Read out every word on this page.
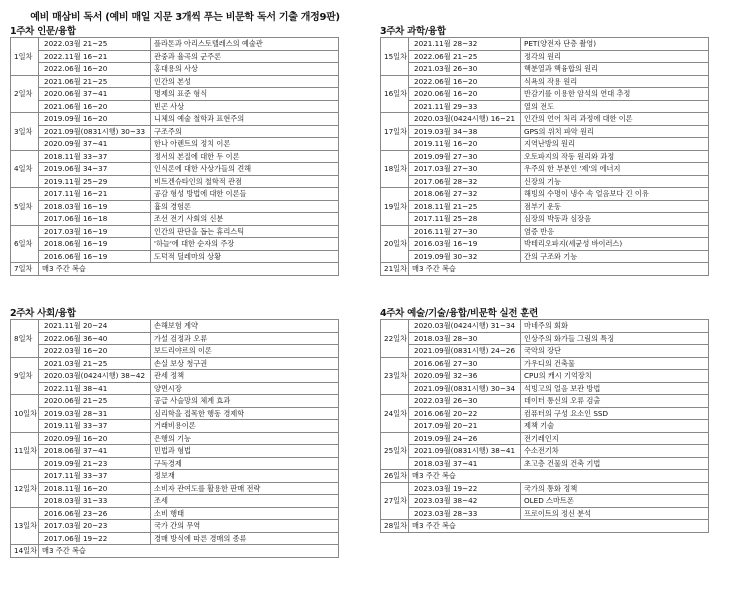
예비 매삼비 독서 (예비 매일 지문 3개씩 푸는 비문학 독서 기출 개정9판)
1주차 인문/융합
1일차	2022.03월 21~25	플라톤과 아리스토텔레스의 예술관
	2022.11월 16~21	관중과 율곡의 군주론
	2022.06월 16~20	홍대용의 사상
2일차	2021.06월 21~25	인간의 본성
	2020.06월 37~41	명제의 표준 형식
	2021.06월 16~20	빈곤 사상
3일차	2019.09월 16~20	니체의 예술 철학과 표현주의
	2021.09월(0831시행) 30~33	구조주의
	2020.09월 37~41	한나 아렌트의 정치 이론
4일차	2018.11월 33~37	정서의 본질에 대한 두 이론
	2019.06월 34~37	인식론에 대한 사상가들의 견해
	2019.11월 25~29	비트겐슈타인의 철학적 관점
5일차	2017.11월 16~21	공감 형성 방법에 대한 이론들
	2018.03월 16~19	흄의 경험론
	2017.06월 16~18	조선 전기 사회의 신분
6일차	2017.03월 16~19	인간의 판단을 돕는 휴리스틱
	2018.06월 16~19	'하늘'에 대한 순자의 주장
	2016.06월 16~19	도덕적 딜레마의 상황
7일차	매3 주간 복습	
2주차 사회/융합
8일차	2021.11월 20~24	손해보험 계약
	2022.06월 36~40	가설 검정과 오류
	2022.03월 16~20	보드리야르의 이론
9일차	2021.03월 21~25	손실 보상 청구권
	2020.03월(0424시행) 38~42	관세 정책
	2022.11월 38~41	양면시장
10일차	2020.06월 21~25	공급 사슬망의 체계 효과
	2019.03월 28~31	심리학을 접목한 행동 경제학
	2019.11월 33~37	거래비용이론
11일차	2020.09월 16~20	은행의 기능
	2018.06월 37~41	민법과 형법
	2019.09월 21~23	구독경제
12일차	2017.11월 33~37	정보재
	2018.11월 16~20	소비자 관여도를 활용한 판매 전략
	2018.03월 31~33	조세
13일차	2016.06월 23~26	소비 행태
	2017.03월 20~23	국가 간의 무역
	2017.06월 19~22	경매 방식에 따른 경매의 종류
14일차	매3 주간 복습	
3주차 과학/융합
15일차	2021.11월 28~32	PET(양전자 단층 촬영)
	2022.06월 21~25	정각의 원리
	2021.03월 26~30	핵분열과 핵융합의 원리
16일차	2022.06월 16~20	식욕의 작용 원리
	2020.06월 16~20	반감기를 이용한 암석의 연대 추정
	2021.11월 29~33	열의 전도
17일차	2020.03월(0424시행) 16~21	인간의 언어 처리 과정에 대한 이론
	2019.03월 34~38	GPS의 위치 파악 원리
	2019.11월 16~20	지역난방의 원리
18일차	2019.09월 27~30	오토파지의 작동 원리와 과정
	2017.03월 27~30	우주의 한 부분인 '제'의 에너지
	2017.06월 28~32	신장의 기능
19일차	2018.06월 27~32	해빙의 수명이 냉수 속 얼음보다 긴 이유
	2018.11월 21~25	점부기 운동
	2017.11월 25~28	심장의 박동과 심장음
20일차	2016.11월 27~30	염증 반응
	2016.03월 16~19	박테리오파지(세균성 바이러스)
	2019.09월 30~32	간의 구조와 기능
21일차	매3 주간 복습	
4주차 예술/기술/융합/비문학 실전 훈련
22일차	2020.03월(0424시행) 31~34	마네주의 회화
	2018.03월 28~30	인상주의 화가들 그림의 특징
	2021.09월(0831시행) 24~26	국악의 장단
23일차	2016.06월 27~30	가우디의 건축물
	2020.09월 32~36	CPU의 캐시 기억장치
	2021.09월(0831시행) 30~34	석빙고의 얼음 보관 방법
24일차	2022.03월 26~30	데이터 통신의 오류 검출
	2016.06월 20~22	컴퓨터의 구성 요소인 SSD
	2017.09월 20~21	제책 기술
25일차	2019.09월 24~26	전기레인지
	2021.09월(0831시행) 38~41	수소전기차
	2018.03월 37~41	초고층 건물의 건축 기법
26일차	매3 주간 복습	
27일차	2023.03월 19~22	국가의 통화 정책
	2023.03월 38~42	OLED 스마트폰
	2023.03월 28~33	프로이트의 정신 분석
28일차	매3 주간 복습	
